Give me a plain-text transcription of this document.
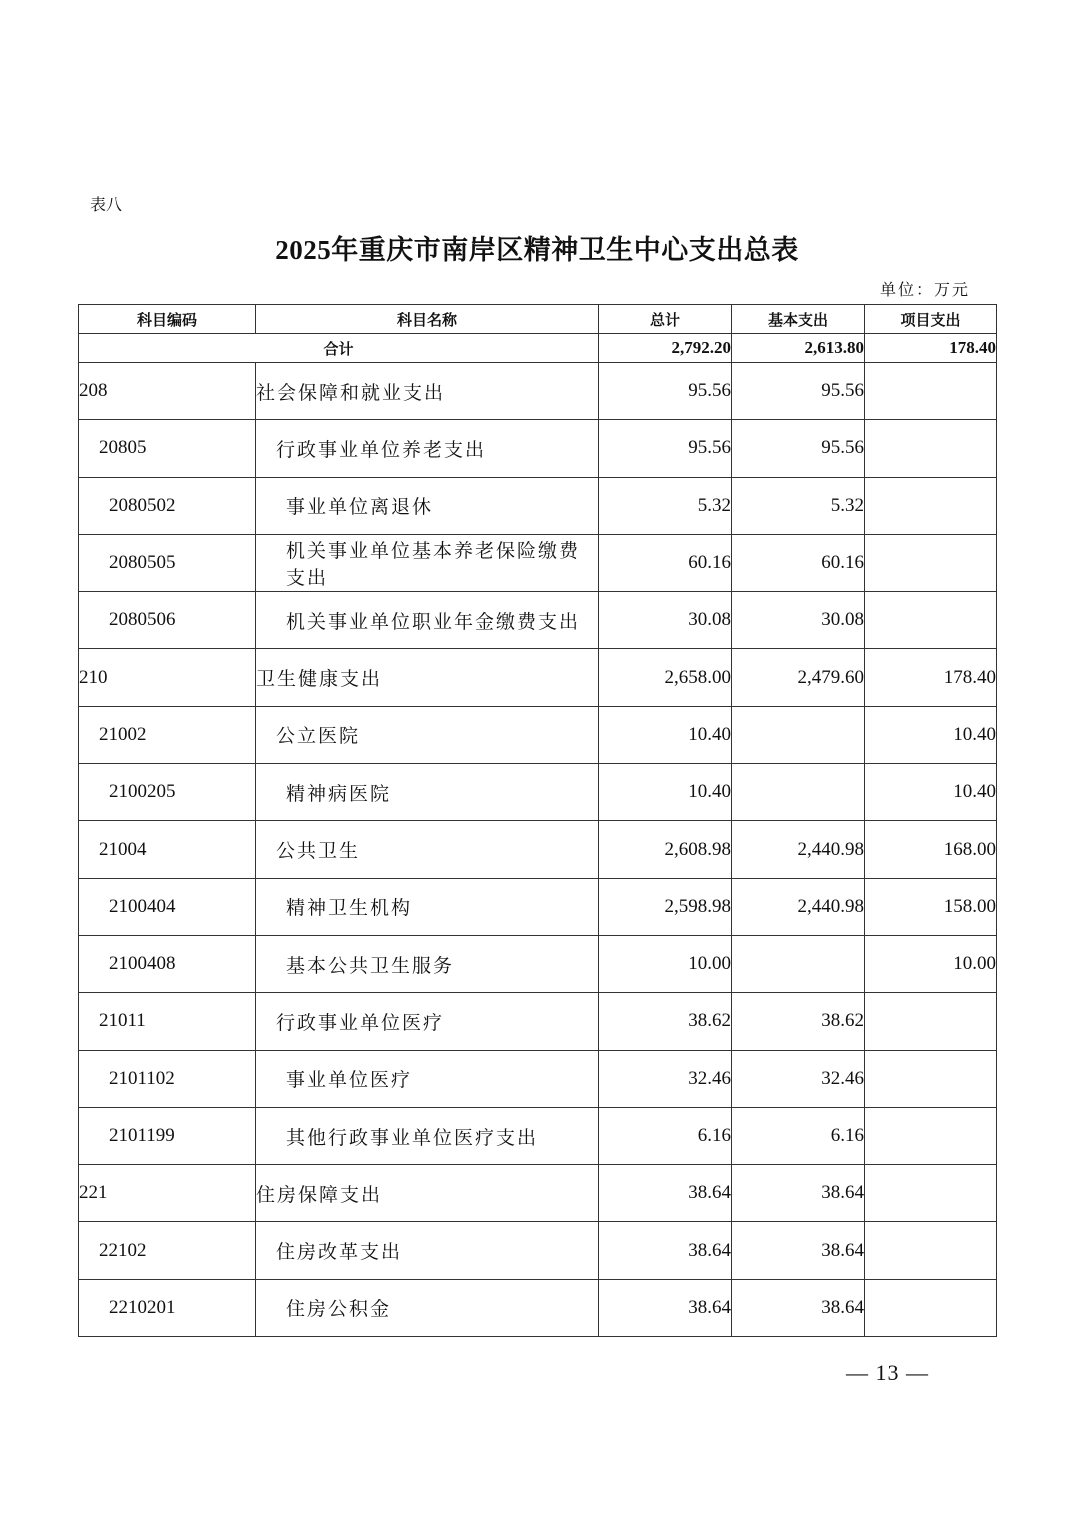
表八
2025年重庆市南岸区精神卫生中心支出总表
单位：万元
科目编码	科目名称	总计	基本支出	项目支出
合计		2,792.20	2,613.80	178.40
208	社会保障和就业支出	95.56	95.56	
20805	行政事业单位养老支出	95.56	95.56	
2080502	事业单位离退休	5.32	5.32	
2080505	机关事业单位基本养老保险缴费支出	60.16	60.16	
2080506	机关事业单位职业年金缴费支出	30.08	30.08	
210	卫生健康支出	2,658.00	2,479.60	178.40
21002	公立医院	10.40		10.40
2100205	精神病医院	10.40		10.40
21004	公共卫生	2,608.98	2,440.98	168.00
2100404	精神卫生机构	2,598.98	2,440.98	158.00
2100408	基本公共卫生服务	10.00		10.00
21011	行政事业单位医疗	38.62	38.62	
2101102	事业单位医疗	32.46	32.46	
2101199	其他行政事业单位医疗支出	6.16	6.16	
221	住房保障支出	38.64	38.64	
22102	住房改革支出	38.64	38.64	
2210201	住房公积金	38.64	38.64	
— 13 —
